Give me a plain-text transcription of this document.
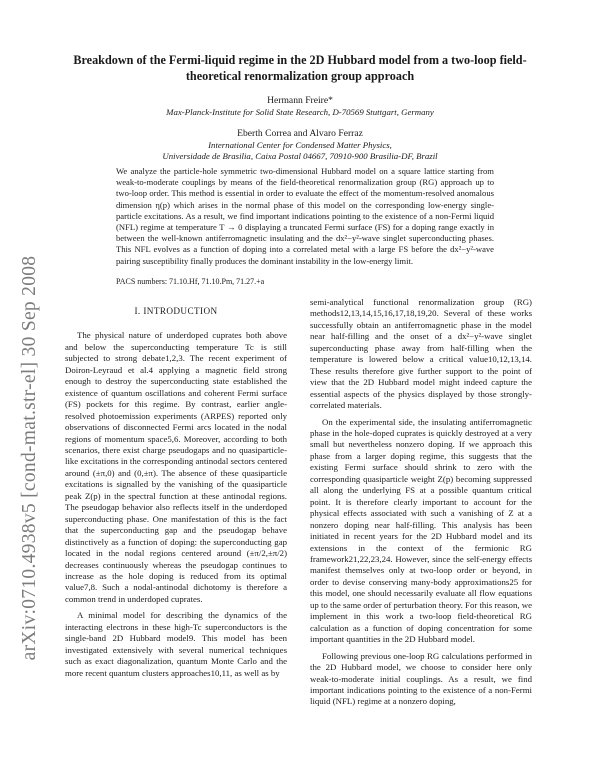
arXiv:0710.4938v5 [cond-mat.str-el] 30 Sep 2008
Breakdown of the Fermi-liquid regime in the 2D Hubbard model from a two-loop field-theoretical renormalization group approach
Hermann Freire*
Max-Planck-Institute for Solid State Research, D-70569 Stuttgart, Germany
Eberth Correa and Alvaro Ferraz
International Center for Condensed Matter Physics,
Universidade de Brasilia, Caixa Postal 04667, 70910-900 Brasilia-DF, Brazil
We analyze the particle-hole symmetric two-dimensional Hubbard model on a square lattice starting from weak-to-moderate couplings by means of the field-theoretical renormalization group (RG) approach up to two-loop order. This method is essential in order to evaluate the effect of the momentum-resolved anomalous dimension η(p) which arises in the normal phase of this model on the corresponding low-energy single-particle excitations. As a result, we find important indications pointing to the existence of a non-Fermi liquid (NFL) regime at temperature T → 0 displaying a truncated Fermi surface (FS) for a doping range exactly in between the well-known antiferromagnetic insulating and the dx²−y²-wave singlet superconducting phases. This NFL evolves as a function of doping into a correlated metal with a large FS before the dx²−y²-wave pairing susceptibility finally produces the dominant instability in the low-energy limit.
PACS numbers: 71.10.Hf, 71.10.Pm, 71.27.+a
I. INTRODUCTION

The physical nature of underdoped cuprates both above and below the superconducting temperature Tc is still subjected to strong debate1,2,3. The recent experiment of Doiron-Leyraud et al.4 applying a magnetic field strong enough to destroy the superconducting state established the existence of quantum oscillations and coherent Fermi surface (FS) pockets for this regime. By contrast, earlier angle-resolved photoemission experiments (ARPES) reported only observations of disconnected Fermi arcs located in the nodal regions of momentum space5,6. Moreover, according to both scenarios, there exist charge pseudogaps and no quasiparticle-like excitations in the corresponding antinodal sectors centered around (±π,0) and (0,±π). The absence of these quasiparticle excitations is signalled by the vanishing of the quasiparticle peak Z(p) in the spectral function at these antinodal regions. The pseudogap behavior also reflects itself in the underdoped superconducting phase. One manifestation of this is the fact that the superconducting gap and the pseudogap behave distinctively as a function of doping: the superconducting gap located in the nodal regions centered around (±π/2,±π/2) decreases continuously whereas the pseudogap continues to increase as the hole doping is reduced from its optimal value7,8. Such a nodal-antinodal dichotomy is therefore a common trend in underdoped cuprates.

A minimal model for describing the dynamics of the interacting electrons in these high-Tc superconductors is the single-band 2D Hubbard model9. This model has been investigated extensively with several numerical techniques such as exact diagonalization, quantum Monte Carlo and the more recent quantum clusters approaches10,11, as well as by

semi-analytical functional renormalization group (RG) methods12,13,14,15,16,17,18,19,20. Several of these works successfully obtain an antiferromagnetic phase in the model near half-filling and the onset of a dx²−y²-wave singlet superconducting phase away from half-filling when the temperature is lowered below a critical value10,12,13,14. These results therefore give further support to the point of view that the 2D Hubbard model might indeed capture the essential aspects of the physics displayed by those strongly-correlated materials.

On the experimental side, the insulating antiferromagnetic phase in the hole-doped cuprates is quickly destroyed at a very small but nevertheless nonzero doping. If we approach this phase from a larger doping regime, this suggests that the existing Fermi surface should shrink to zero with the corresponding quasiparticle weight Z(p) becoming suppressed all along the underlying FS at a possible quantum critical point. It is therefore clearly important to account for the physical effects associated with such a vanishing of Z at a nonzero doping near half-filling. This analysis has been initiated in recent years for the 2D Hubbard model and its extensions in the context of the fermionic RG framework21,22,23,24. However, since the self-energy effects manifest themselves only at two-loop order or beyond, in order to devise conserving many-body approximations25 for this model, one should necessarily evaluate all flow equations up to the same order of perturbation theory. For this reason, we implement in this work a two-loop field-theoretical RG calculation as a function of doping concentration for some important quantities in the 2D Hubbard model.

Following previous one-loop RG calculations performed in the 2D Hubbard model, we choose to consider here only weak-to-moderate initial couplings. As a result, we find important indications pointing to the existence of a non-Fermi liquid (NFL) regime at a nonzero doping,
